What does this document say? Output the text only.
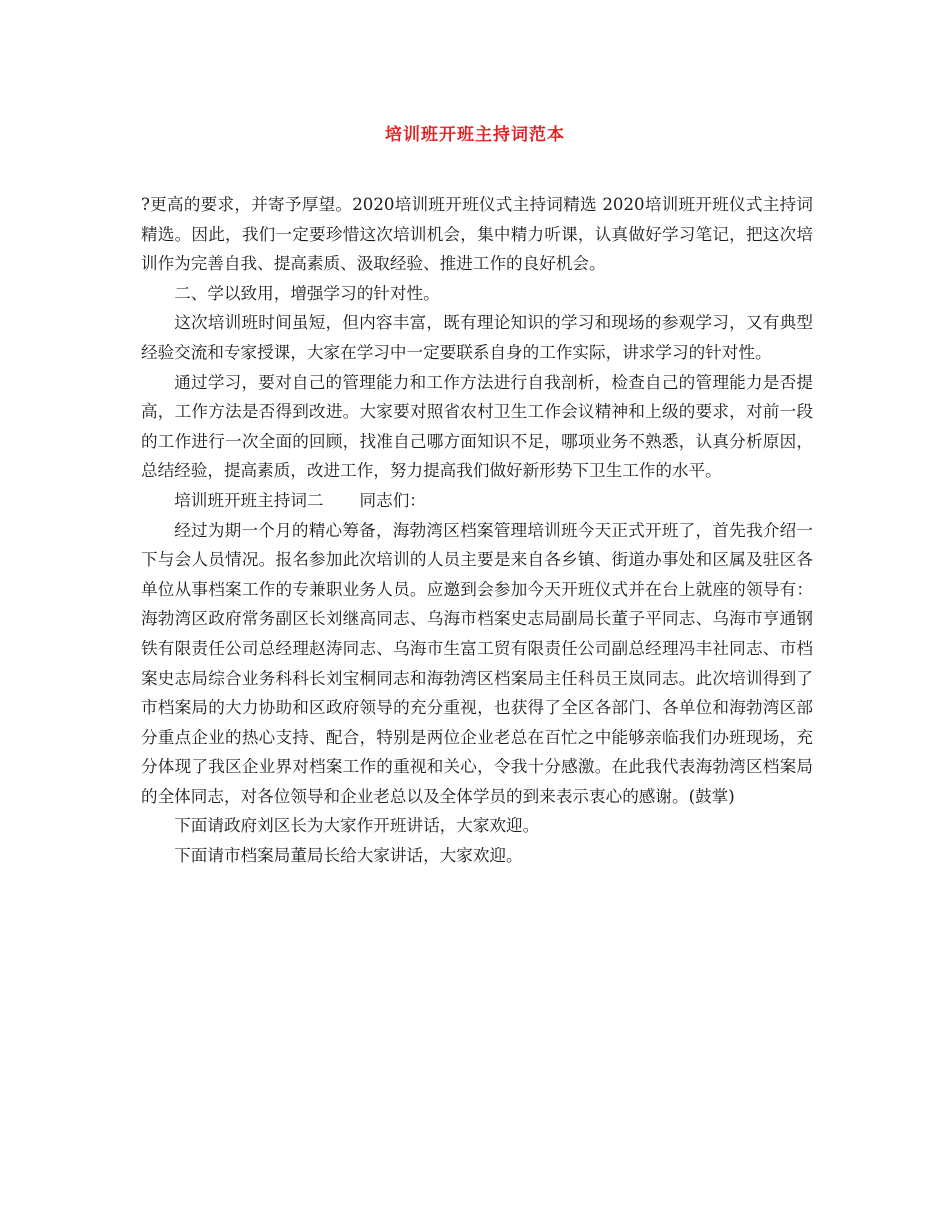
培训班开班主持词范本

?更高的要求，并寄予厚望。2020培训班开班仪式主持词精选 2020培训班开班仪式主持词精选。因此，我们一定要珍惜这次培训机会，集中精力听课，认真做好学习笔记，把这次培训作为完善自我、提高素质、汲取经验、推进工作的良好机会。

二、学以致用，增强学习的针对性。

这次培训班时间虽短，但内容丰富，既有理论知识的学习和现场的参观学习，又有典型经验交流和专家授课，大家在学习中一定要联系自身的工作实际，讲求学习的针对性。

通过学习，要对自己的管理能力和工作方法进行自我剖析，检查自己的管理能力是否提高，工作方法是否得到改进。大家要对照省农村卫生工作会议精神和上级的要求，对前一段的工作进行一次全面的回顾，找准自己哪方面知识不足，哪项业务不熟悉，认真分析原因，总结经验，提高素质，改进工作，努力提高我们做好新形势下卫生工作的水平。

培训班开班主持词二 同志们：

经过为期一个月的精心筹备，海勃湾区档案管理培训班今天正式开班了，首先我介绍一下与会人员情况。报名参加此次培训的人员主要是来自各乡镇、街道办事处和区属及驻区各单位从事档案工作的专兼职业务人员。应邀到会参加今天开班仪式并在台上就座的领导有：海勃湾区政府常务副区长刘继高同志、乌海市档案史志局副局长董子平同志、乌海市亨通钢铁有限责任公司总经理赵涛同志、乌海市生富工贸有限责任公司副总经理冯丰社同志、市档案史志局综合业务科科长刘宝桐同志和海勃湾区档案局主任科员王岚同志。此次培训得到了市档案局的大力协助和区政府领导的充分重视，也获得了全区各部门、各单位和海勃湾区部分重点企业的热心支持、配合，特别是两位企业老总在百忙之中能够亲临我们办班现场，充分体现了我区企业界对档案工作的重视和关心，令我十分感激。在此我代表海勃湾区档案局的全体同志，对各位领导和企业老总以及全体学员的到来表示衷心的感谢。(鼓掌)

下面请政府刘区长为大家作开班讲话，大家欢迎。

下面请市档案局董局长给大家讲话，大家欢迎。
